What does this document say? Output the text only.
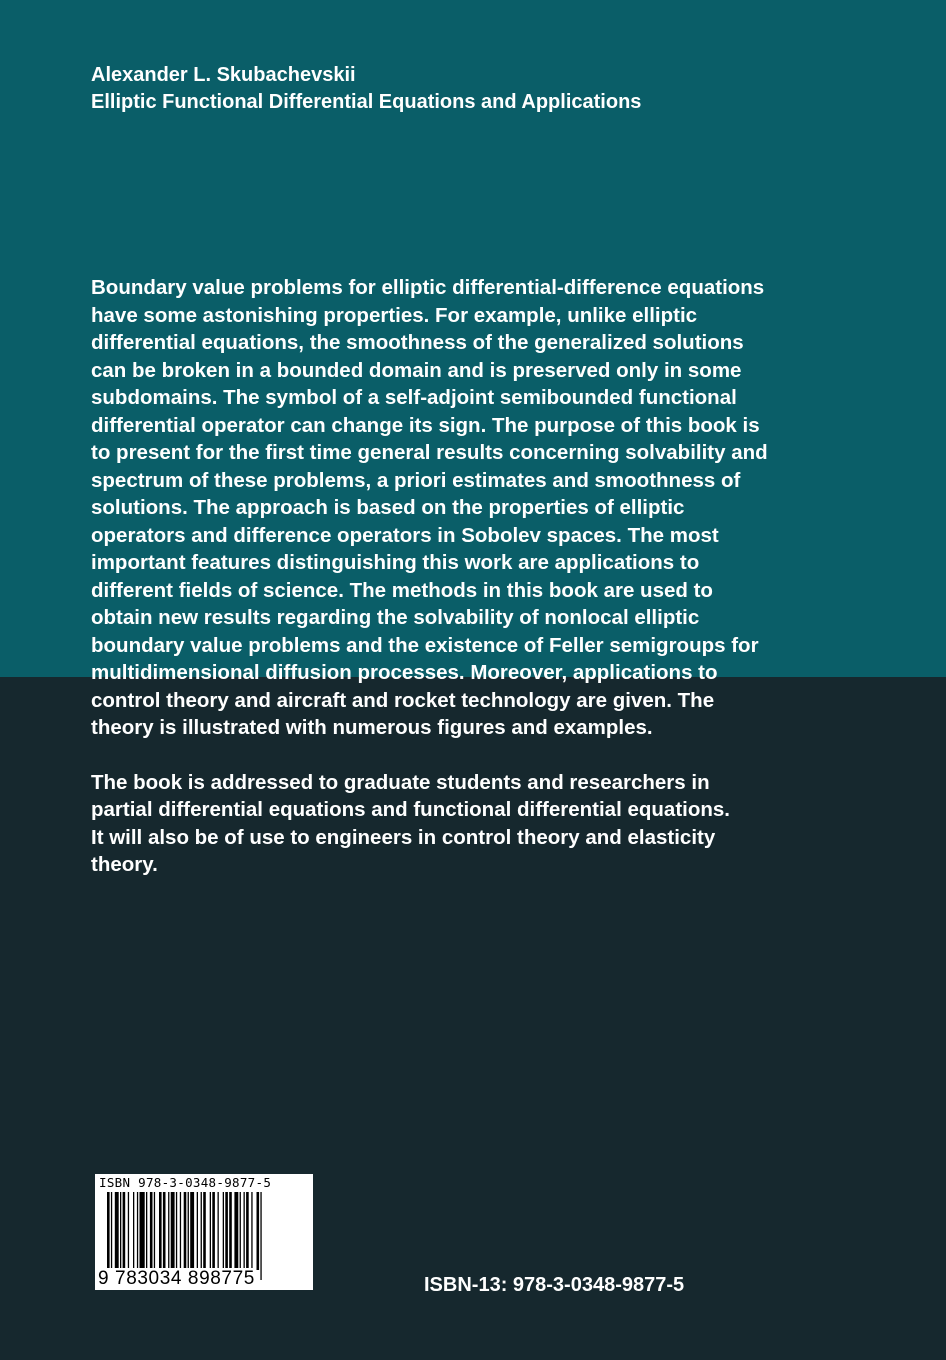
Alexander L. Skubachevskii
Elliptic Functional Differential Equations and Applications
Boundary value problems for elliptic differential-difference equations
have some astonishing properties. For example, unlike elliptic
differential equations, the smoothness of the generalized solutions
can be broken in a bounded domain and is preserved only in some
subdomains. The symbol of a self-adjoint semibounded functional
differential operator can change its sign. The purpose of this book is
to present for the first time general results concerning solvability and
spectrum of these problems, a priori estimates and smoothness of
solutions. The approach is based on the properties of elliptic
operators and difference operators in Sobolev spaces. The most
important features distinguishing this work are applications to
different fields of science. The methods in this book are used to
obtain new results regarding the solvability of nonlocal elliptic
boundary value problems and the existence of Feller semigroups for
multidimensional diffusion processes. Moreover, applications to
control theory and aircraft and rocket technology are given. The
theory is illustrated with numerous figures and examples.
The book is addressed to graduate students and researchers in
partial differential equations and functional differential equations.
It will also be of use to engineers in control theory and elasticity
theory.
ISBN 978-3-0348-9877-5
9 783034 898775	ISBN-13: 978-3-0348-9877-5
